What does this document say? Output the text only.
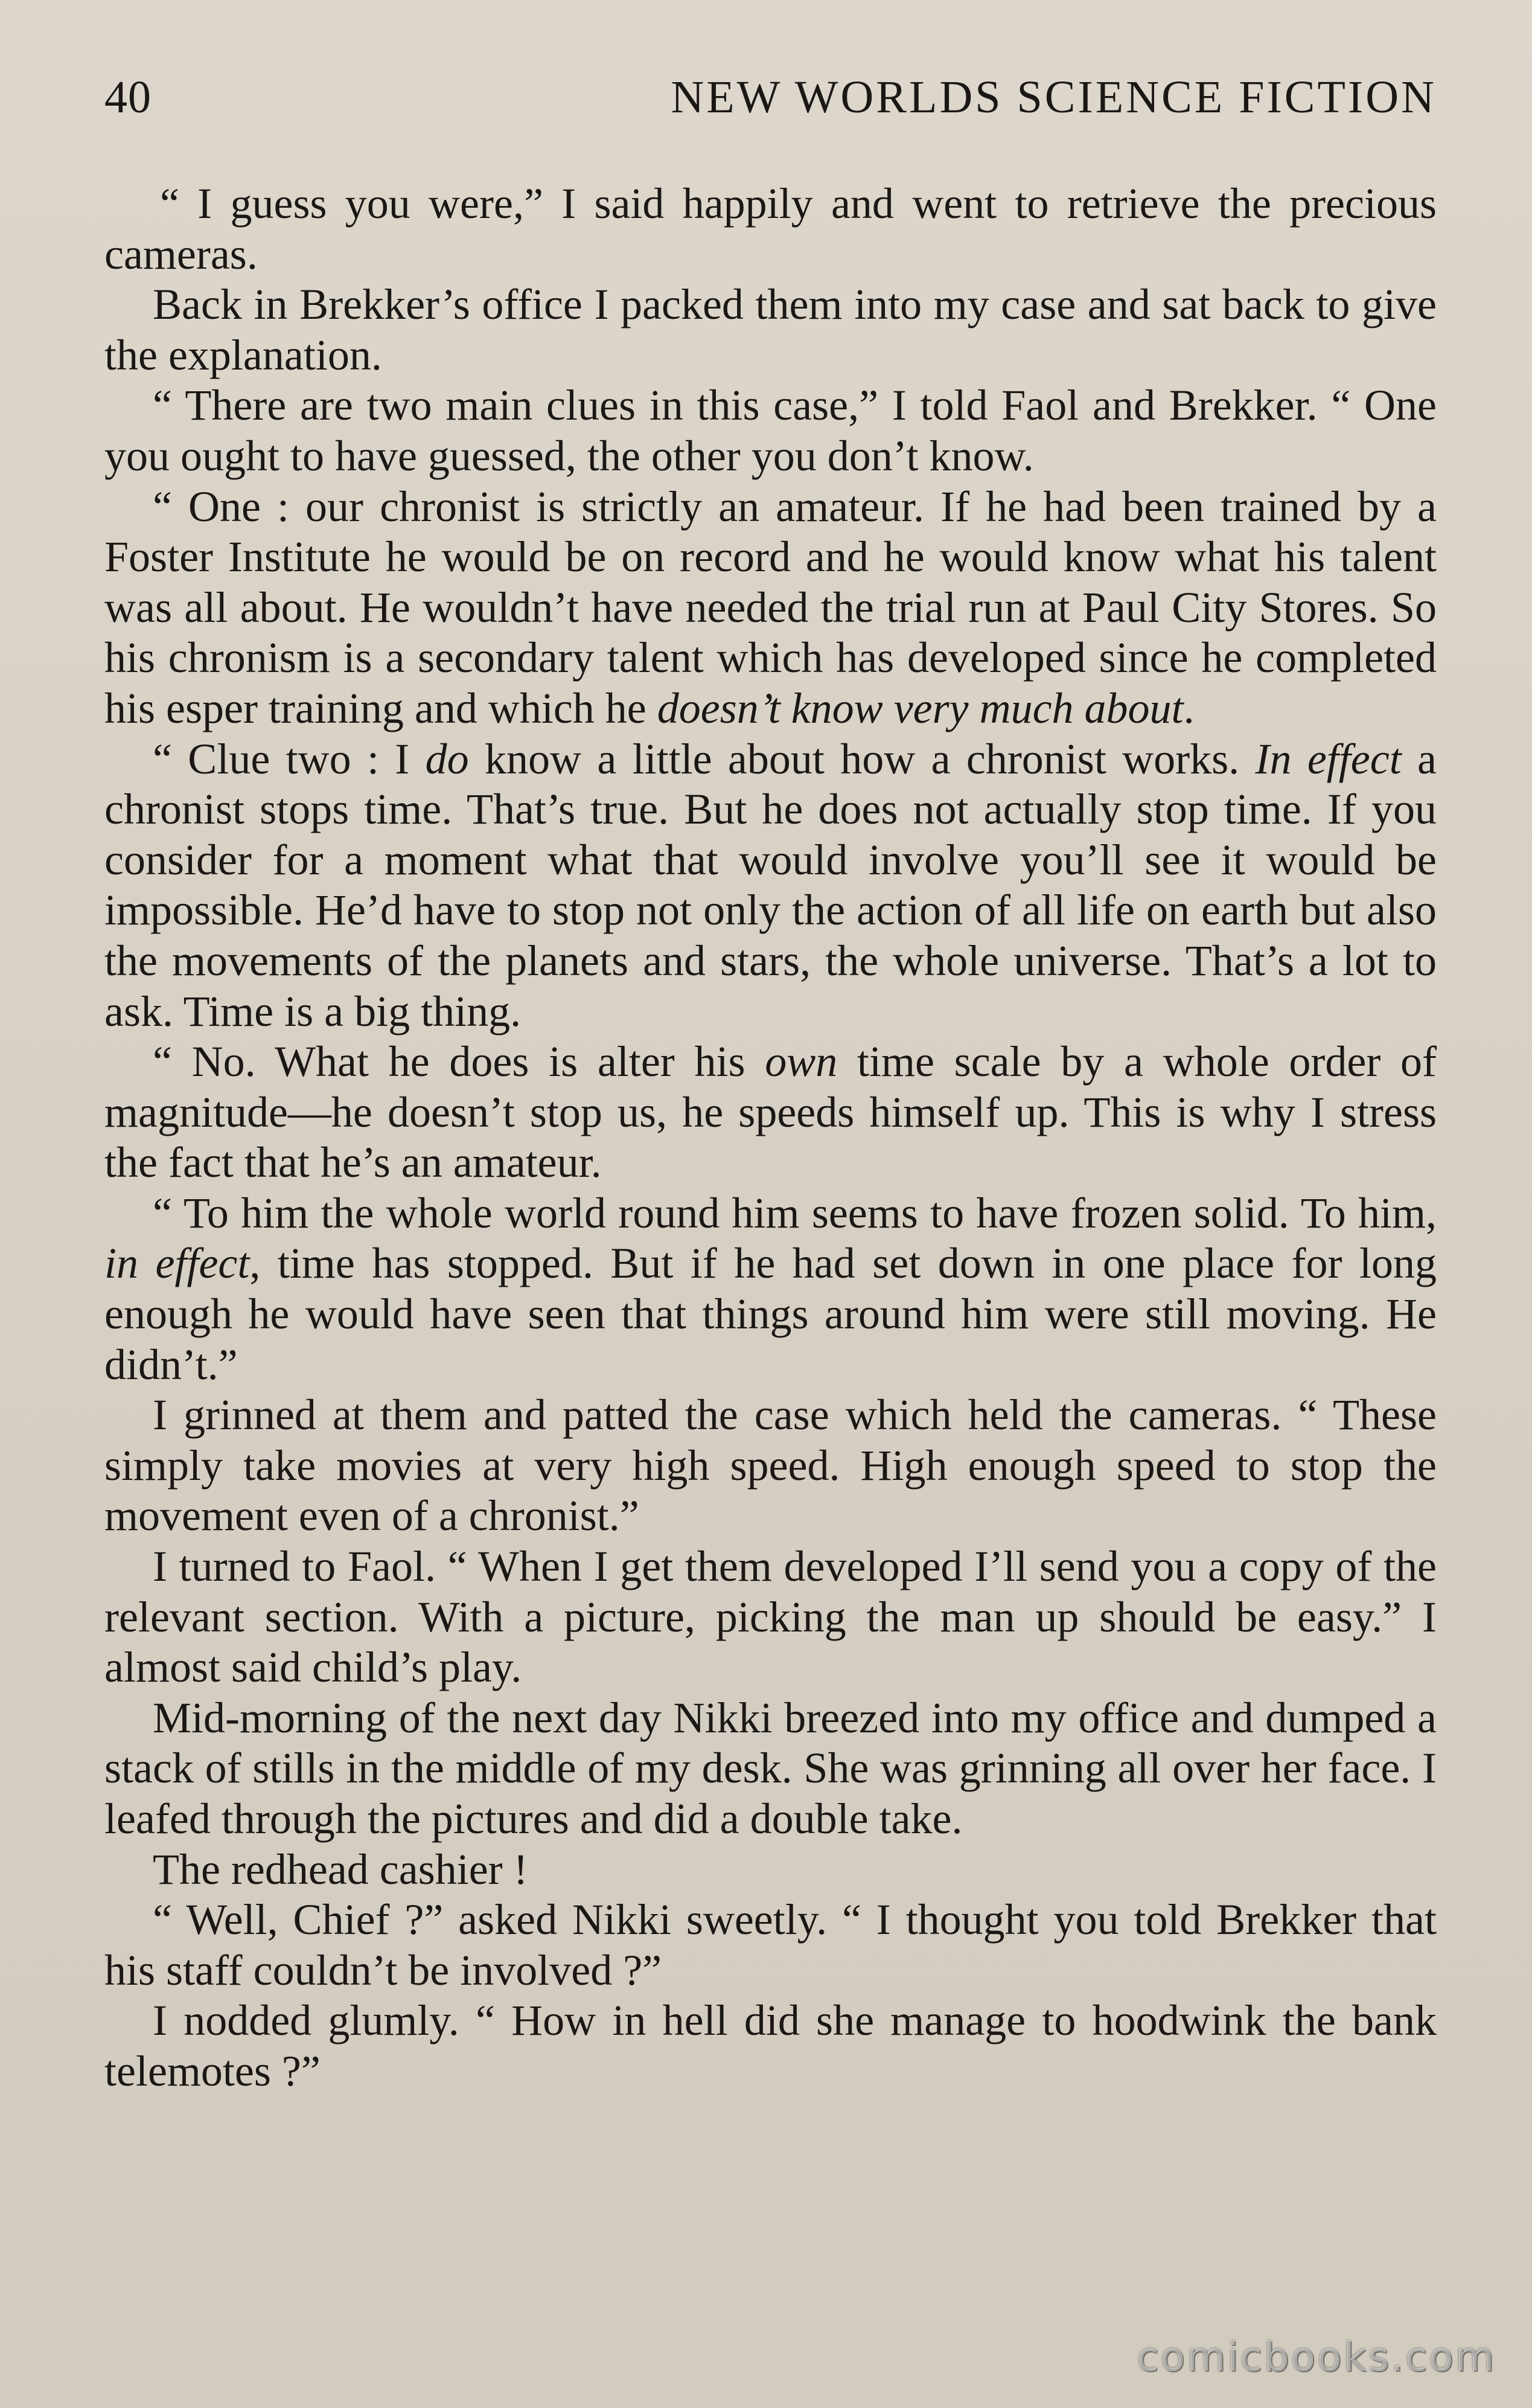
40	NEW WORLDS SCIENCE FICTION

“ I guess you were,” I said happily and went to retrieve the precious cameras.

Back in Brekker’s office I packed them into my case and sat back to give the explanation.

“ There are two main clues in this case,” I told Faol and Brekker. “ One you ought to have guessed, the other you don’t know.

“ One : our chronist is strictly an amateur. If he had been trained by a Foster Institute he would be on record and he would know what his talent was all about. He wouldn’t have needed the trial run at Paul City Stores. So his chronism is a secondary talent which has developed since he completed his esper training and which he doesn’t know very much about.

“ Clue two : I do know a little about how a chronist works. In effect a chronist stops time. That’s true. But he does not actually stop time. If you consider for a moment what that would involve you’ll see it would be impossible. He’d have to stop not only the action of all life on earth but also the movements of the planets and stars, the whole universe. That’s a lot to ask. Time is a big thing.

“ No. What he does is alter his own time scale by a whole order of magnitude—he doesn’t stop us, he speeds himself up. This is why I stress the fact that he’s an amateur.

“ To him the whole world round him seems to have frozen solid. To him, in effect, time has stopped. But if he had set down in one place for long enough he would have seen that things around him were still moving. He didn’t.”

I grinned at them and patted the case which held the cameras. “ These simply take movies at very high speed. High enough speed to stop the movement even of a chronist.”

I turned to Faol. “ When I get them developed I’ll send you a copy of the relevant section. With a picture, picking the man up should be easy.” I almost said child’s play.

Mid-morning of the next day Nikki breezed into my office and dumped a stack of stills in the middle of my desk. She was grinning all over her face. I leafed through the pictures and did a double take.

The redhead cashier !

“ Well, Chief ?” asked Nikki sweetly. “ I thought you told Brekker that his staff couldn’t be involved ?”

I nodded glumly. “ How in hell did she manage to hoodwink the bank telemotes ?”

comicbooks.com
